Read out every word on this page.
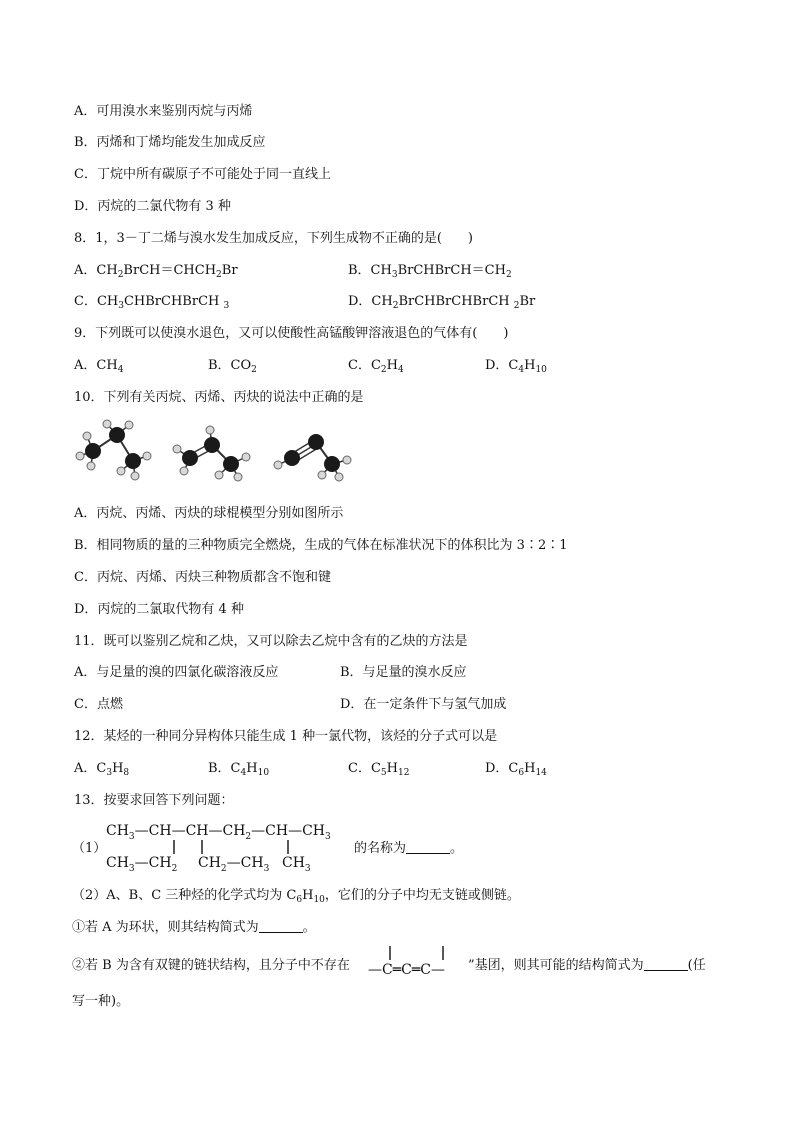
A．可用溴水来鉴别丙烷与丙烯
B．丙烯和丁烯均能发生加成反应
C．丁烷中所有碳原子不可能处于同一直线上
D．丙烷的二氯代物有 3 种
8．1，3－丁二烯与溴水发生加成反应，下列生成物不正确的是(　　)
A．$CH_2BrCH=CHCH_2Br$	B．$CH_3BrCHBrCH=CH_2$
C．$CH_3CHBrCHBrCH$ $_3$	D．$CH_2BrCHBrCHBrCH$ $_2$Br
9．下列既可以使溴水退色，又可以使酸性高锰酸钾溶液退色的气体有(　　)
A．$CH_4$	B．$CO_2$	C．$C_2H_4$	D．$C_4H_{10}$
10．下列有关丙烷、丙烯、丙炔的说法中正确的是
A．丙烷、丙烯、丙炔的球棍模型分别如图所示
B．相同物质的量的三种物质完全燃烧，生成的气体在标准状况下的体积比为 3∶2∶1
C．丙烷、丙烯、丙炔三种物质都含不饱和键
D．丙烷的二氯取代物有 4 种
11．既可以鉴别乙烷和乙炔，又可以除去乙烷中含有的乙炔的方法是
A．与足量的溴的四氯化碳溶液反应	B．与足量的溴水反应
C．点燃	D．在一定条件下与氢气加成
12．某烃的一种同分异构体只能生成 1 种一氯代物，该烃的分子式可以是
A．$C_3H_8$	B．$C_4H_{10}$	C．$C_5H_{12}$	D．$C_6H_{14}$
13．按要求回答下列问题：
（1）
$CH_3—CH—CH—CH_2—CH—CH_3$
$CH_3—CH_2$ $CH_2—CH_3$ $CH_3$
的名称为	。
（2）A、B、C 三种烃的化学式均为 $C_6H_{10}$，它们的分子中均无支链或侧链。
①若 A 为环状，则其结构简式为	。
②若 B 为含有双键的链状结构，且分子中不存在 —C═C═C— ”基团，则其可能的结构简式为	(任
写一种)。
